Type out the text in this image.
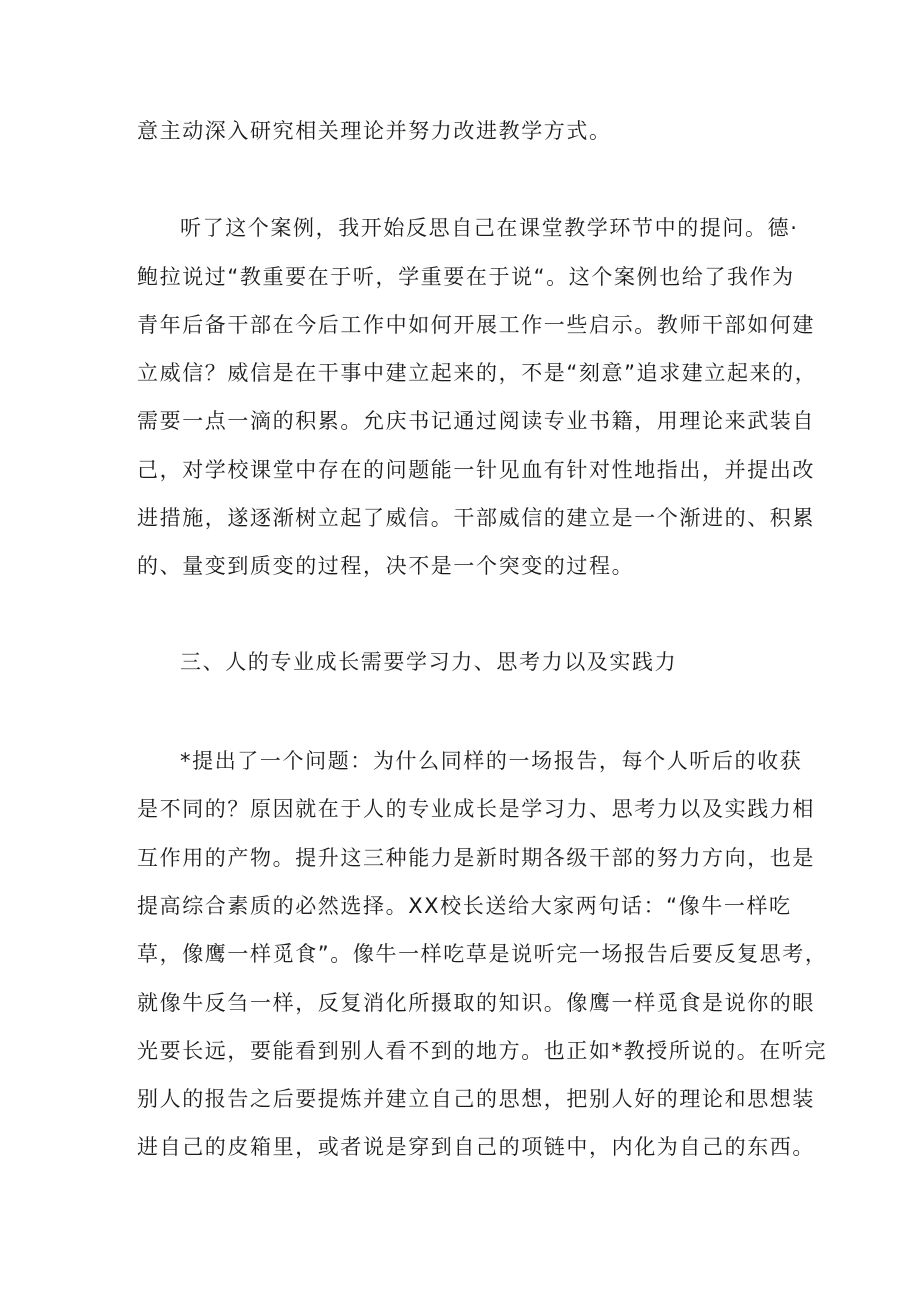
意主动深入研究相关理论并努力改进教学方式。
听了这个案例，我开始反思自己在课堂教学环节中的提问。德·
鲍拉说过“教重要在于听，学重要在于说“。这个案例也给了我作为
青年后备干部在今后工作中如何开展工作一些启示。教师干部如何建
立威信？威信是在干事中建立起来的，不是“刻意”追求建立起来的，
需要一点一滴的积累。允庆书记通过阅读专业书籍，用理论来武装自
己，对学校课堂中存在的问题能一针见血有针对性地指出，并提出改
进措施，遂逐渐树立起了威信。干部威信的建立是一个渐进的、积累
的、量变到质变的过程，决不是一个突变的过程。
三、人的专业成长需要学习力、思考力以及实践力
*提出了一个问题：为什么同样的一场报告，每个人听后的收获
是不同的？原因就在于人的专业成长是学习力、思考力以及实践力相
互作用的产物。提升这三种能力是新时期各级干部的努力方向，也是
提高综合素质的必然选择。XX校长送给大家两句话：“像牛一样吃
草，像鹰一样觅食”。像牛一样吃草是说听完一场报告后要反复思考，
就像牛反刍一样，反复消化所摄取的知识。像鹰一样觅食是说你的眼
光要长远，要能看到别人看不到的地方。也正如*教授所说的。在听完
别人的报告之后要提炼并建立自己的思想，把别人好的理论和思想装
进自己的皮箱里，或者说是穿到自己的项链中，内化为自己的东西。
